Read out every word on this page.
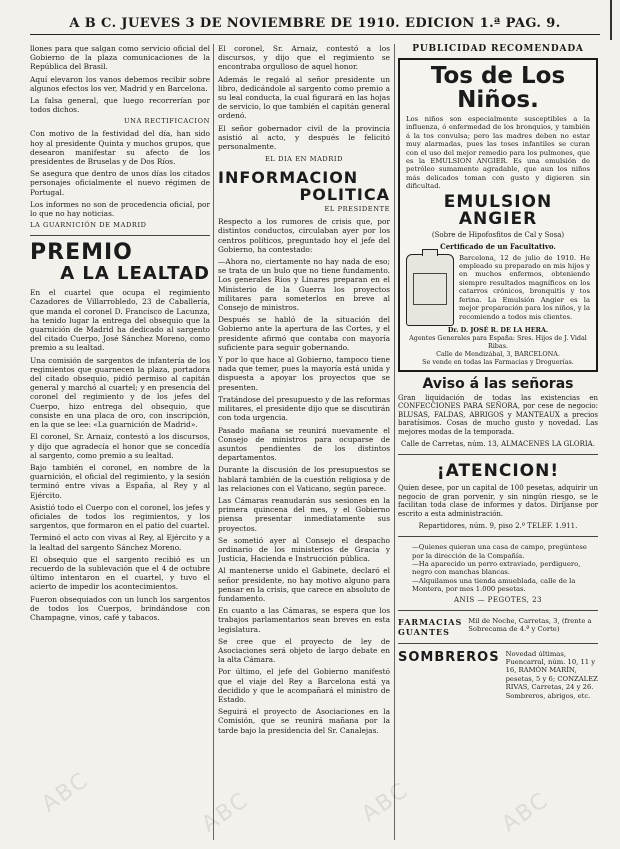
A B C. JUEVES 3 DE NOVIEMBRE DE 1910. EDICION 1.ª PAG. 9.

llones para que salgan como servicio oficial del Gobierno de la plaza comunicaciones de la República del Brasil.

Aquí elevaron los vanos debemos recibir sobre algunos efectos los ver, Madrid y en Barcelona.

La falsa general, que luego recorrerían por todos dichos.

UNA RECTIFICACION

Con motivo de la festividad del día, han sido hoy al presidente Quinta y muchos grupos, que desearon manifestar su afecto de los presidentes de Bruselas y de Dos Ríos.

Se asegura que dentro de unos días los citados personajes oficialmente el nuevo régimen de Portugal.

Los informes no son de procedencia oficial, por lo que no hay noticias.

LA GUARNICIÓN DE MADRID
PREMIO
A LA LEALTAD

En el cuartel que ocupa el regimiento Cazadores de Villarrobledo, 23 de Caballería, que manda el coronel D. Francisco de Lacunza, ha tenido lugar la entrega del obsequio que la guarnición de Madrid ha dedicado al sargento del citado Cuerpo, José Sánchez Moreno, como premio a su lealtad.

Una comisión de sargentos de infantería de los regimientos que guarnecen la plaza, portadora del citado obsequio, pidió permiso al capitán general y marchó al cuartel; y en presencia del coronel del regimiento y de los jefes del Cuerpo, hizo entrega del obsequio, que consiste en una placa de oro, con inscripción, en la que se lee: «La guarnición de Madrid».

El coronel, Sr. Arnaiz, contestó a los discursos, y dijo que agradecía el honor que se concedía al sargento, como premio a su lealtad.

Bajo también el coronel, en nombre de la guarnición, el oficial del regimiento, y la sesión terminó entre vivas a España, al Rey y al Ejército.

Asistió todo el Cuerpo con el coronel, los jefes y oficiales de todos los regimientos, y los sargentos, que formaron en el patio del cuartel.

Terminó el acto con vivas al Rey, al Ejército y a la lealtad del sargento Sánchez Moreno.

El obsequio que el sargento recibió es un recuerdo de la sublevación que el 4 de octubre último intentaron en el cuartel, y tuvo el acierto de impedir los acontecimientos.

Fueron obsequiados con un lunch los sargentos de todos los Cuerpos, brindándose con Champagne, vinos, café y tabacos.

El coronel, Sr. Arnaiz, contestó a los discursos, y dijo que el regimiento se encontraba orgulloso de aquel honor.

Además le regaló al señor presidente un libro, dedicándole al sargento como premio a su leal conducta, la cual figurará en las hojas de servicio, lo que también el capitán general ordenó.

El señor gobernador civil de la provincia asistió al acto, y después le felicitó personalmente.

EL DIA EN MADRID
INFORMACION
POLITICA
EL PRESIDENTE

Respecto a los rumores de crisis que, por distintos conductos, circulaban ayer por los centros políticos, preguntado hoy el jefe del Gobierno, ha contestado:

—Ahora no, ciertamente no hay nada de eso; se trata de un bulo que no tiene fundamento. Los generales Ríos y Linares preparan en el Ministerio de la Guerra los proyectos militares para someterlos en breve al Consejo de ministros.

Después se habló de la situación del Gobierno ante la apertura de las Cortes, y el presidente afirmó que contaba con mayoría suficiente para seguir gobernando.

Y por lo que hace al Gobierno, tampoco tiene nada que temer, pues la mayoría está unida y dispuesta a apoyar los proyectos que se presenten.

Tratándose del presupuesto y de las reformas militares, el presidente dijo que se discutirán con toda urgencia.

Pasado mañana se reunirá nuevamente el Consejo de ministros para ocuparse de asuntos pendientes de los distintos departamentos.

Durante la discusión de los presupuestos se hablará también de la cuestión religiosa y de las relaciones con el Vaticano, según parece.

Las Cámaras reanudarán sus sesiones en la primera quincena del mes, y el Gobierno piensa presentar inmediatamente sus proyectos.

Se sometió ayer al Consejo el despacho ordinario de los ministerios de Gracia y Justicia, Hacienda e Instrucción pública.

Al mantenerse unido el Gabinete, declaró el señor presidente, no hay motivo alguno para pensar en la crisis, que carece en absoluto de fundamento.

En cuanto a las Cámaras, se espera que los trabajos parlamentarios sean breves en esta legislatura.

Se cree que el proyecto de ley de Asociaciones será objeto de largo debate en la alta Cámara.

Por último, el jefe del Gobierno manifestó que el viaje del Rey a Barcelona está ya decidido y que le acompañará el ministro de Estado.

Seguirá el proyecto de Asociaciones en la Comisión, que se reunirá mañana por la tarde bajo la presidencia del Sr. Canalejas.

PUBLICIDAD RECOMENDADA
Tos de Los Niños.

Los niños son especialmente susceptibles a la influenza, ó enfermedad de los bronquios, y también á la tos convulsa; pero las madres deben no estar muy alarmadas, pues las toses infantiles se curan con el uso del mejor remedio para los pulmones, que es la EMULSION ANGIER. Es una emulsión de petróleo sumamente agradable, que aun los niños más delicados toman con gusto y digieren sin dificultad.

EMULSION
ANGIER
(Sobre de Hipofosfitos de Cal y Sosa)
Certificado de un Facultativo.

Barcelona, 12 de julio de 1910. He empleado su preparado en mis hijos y en muchos enfermos, obteniendo siempre resultados magníficos en los catarros crónicos, bronquitis y tos ferina. La Emulsión Angier es la mejor preparación para los niños, y la recomiendo a todos mis clientes.

Dr. D. JOSÉ R. DE LA HERA.
Agentes Generales para España: Sres. Hijos de J. Vidal Ribas.
Calle de Mendizábal, 3, BARCELONA.
Se vende en todas las Farmacias y Droguerías.
Aviso á las señoras

Gran liquidación de todas las existencias en CONFECCIONES PARA SEÑORA, por cese de negocio: BLUSAS, FALDAS, ABRIGOS y MANTEAUX a precios baratísimos. Cosas de mucho gusto y novedad. Las mejores modas de la temporada.

Calle de Carretas, núm. 13, ALMACENES LA GLORIA.
¡ATENCION!

Quien desee, por un capital de 100 pesetas, adquirir un negocio de gran porvenir, y sin ningún riesgo, se le facilitan toda clase de informes y datos. Diríjanse por escrito a esta administración.

Repartidores, núm. 9, piso 2.º TELEF. 1.911.

—Quienes quieran una casa de campo, pregúntese por la dirección de la Compañía.

—Ha aparecido un perro extraviado, perdiguero, negro con manchas blancas.

—Alquilamos una tienda amueblada, calle de la Montera, por mes 1.000 pesetas.

ANIS — PEGOTES, 23
FARMACIAS
GUANTES
Mil de Noche, Carretas, 3, (frente a Sobrecama de 4.ª y Corte)
SOMBREROS Novedad últimas, Fuencarral, núm. 10, 11 y 16, RAMÓN MARÍN, pesetas, 5 y 6; CONZALEZ RIVAS, Carretas, 24 y 26. Sombreros, abrigos, etc.
ABC	ABC	ABC	ABC
